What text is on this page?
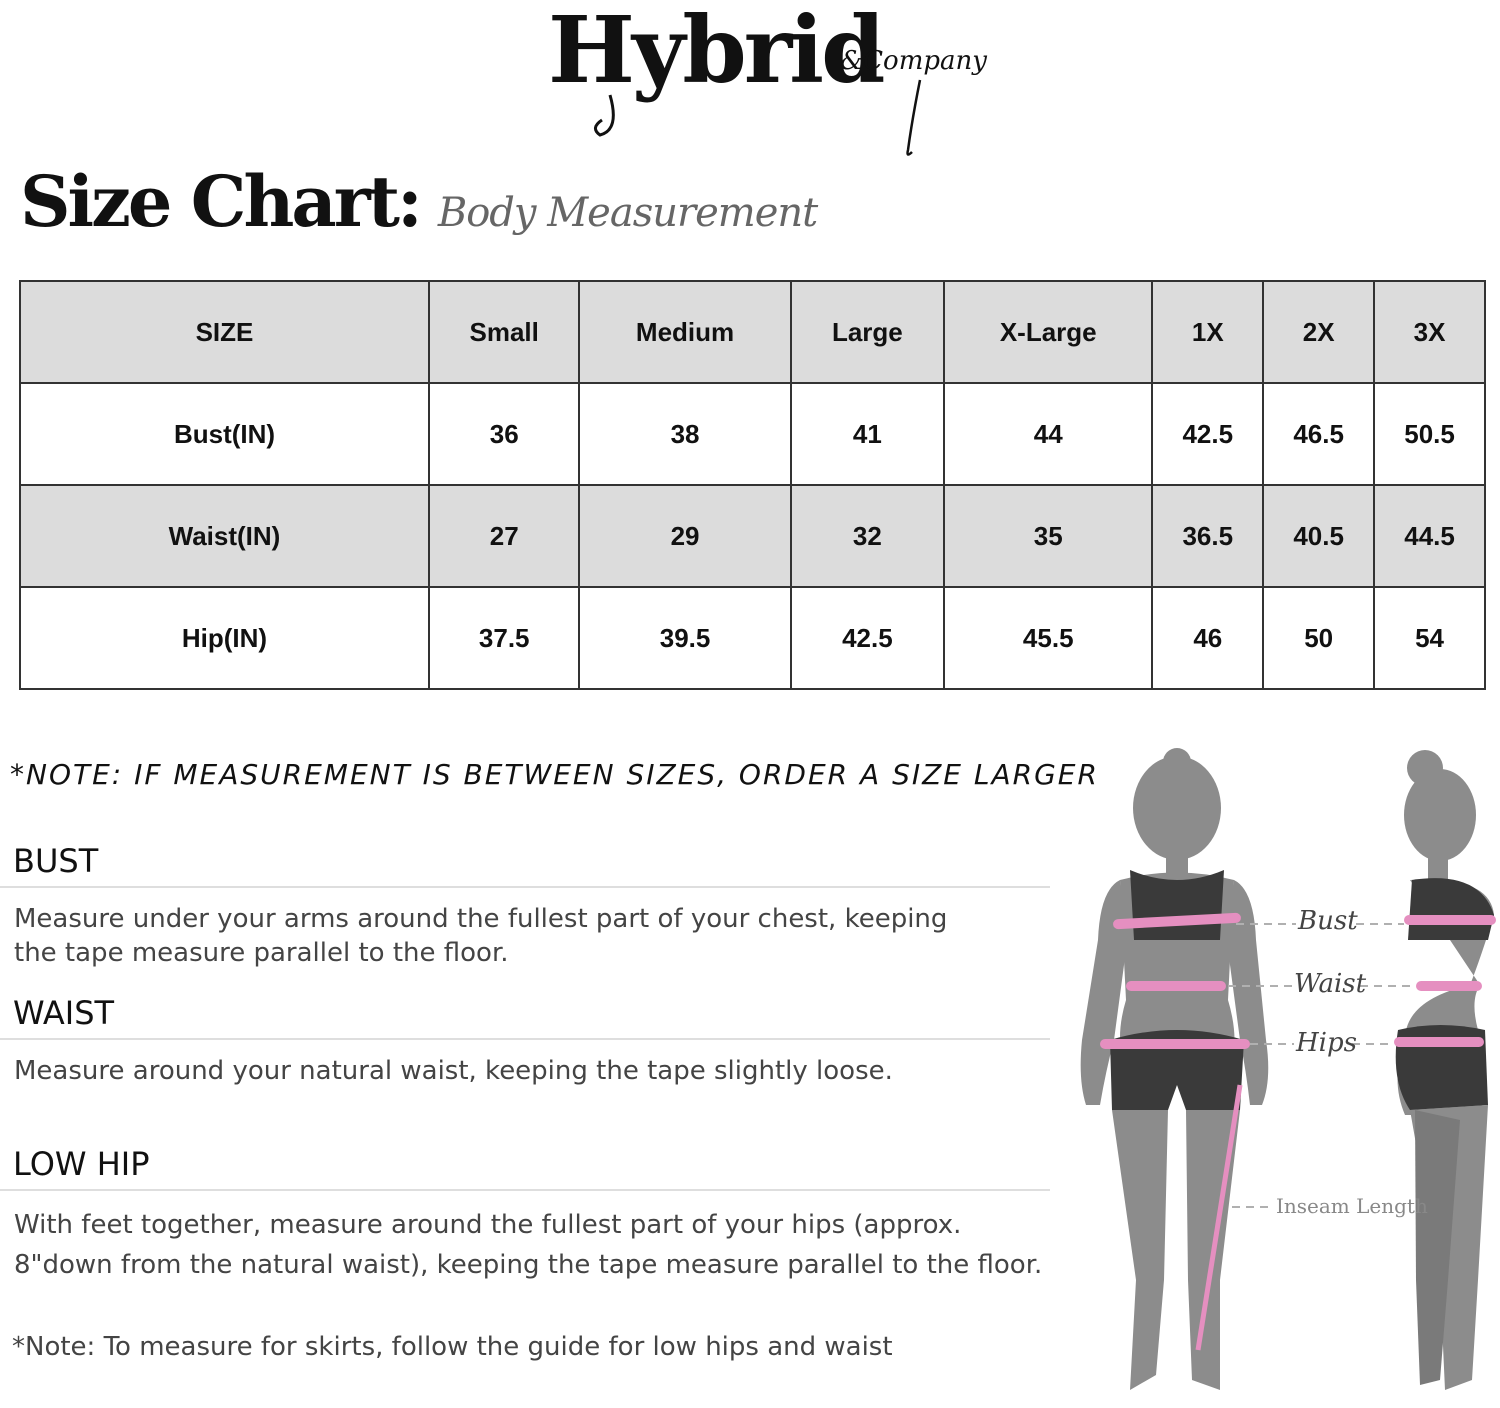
Hybrid
&Company
Size Chart: Body Measurement
SIZE	Small	Medium	Large	X-Large	1X	2X	3X
Bust(IN)	36	38	41	44	42.5	46.5	50.5
Waist(IN)	27	29	32	35	36.5	40.5	44.5
Hip(IN)	37.5	39.5	42.5	45.5	46	50	54
*NOTE: IF MEASUREMENT IS BETWEEN SIZES, ORDER A SIZE LARGER
BUST

Measure under your arms around the fullest part of your chest, keeping
the tape measure parallel to the floor.

WAIST

Measure around your natural waist, keeping the tape slightly loose.

LOW HIP

With feet together, measure around the fullest part of your hips (approx.
8"down from the natural waist), keeping the tape measure parallel to the floor.

*Note: To measure for skirts, follow the guide for low hips and waist
Bust
Waist
Hips
Inseam Length
